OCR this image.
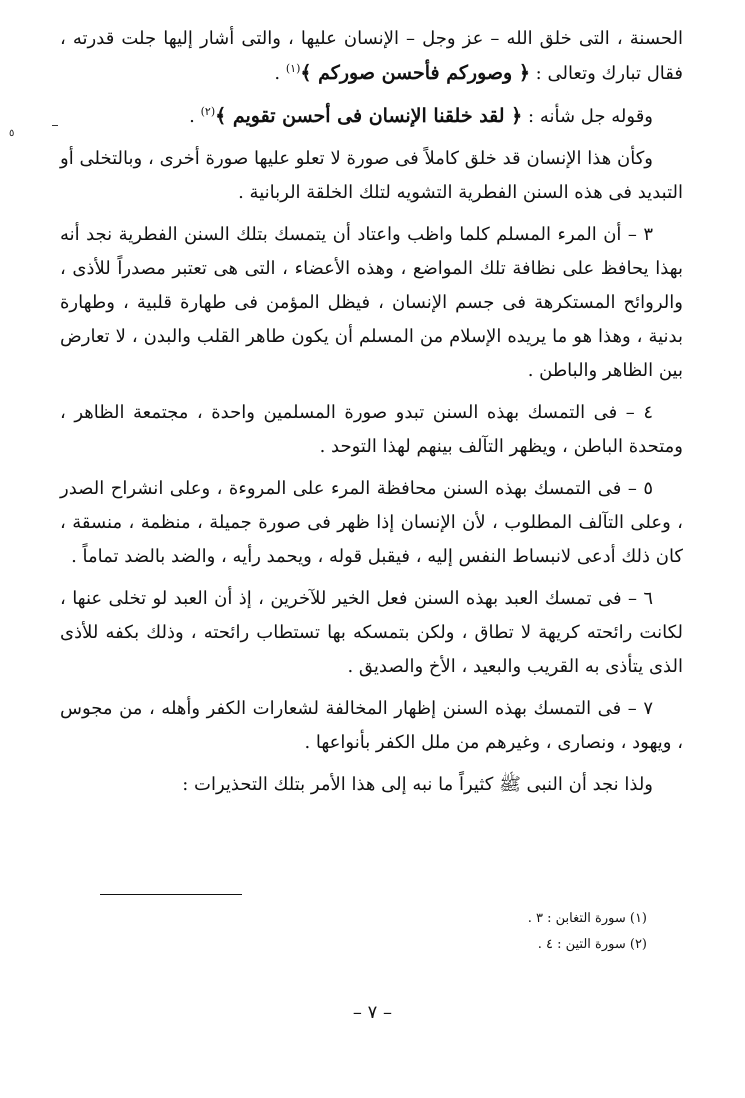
الحسنة ، التى خلق الله – عز وجل – الإنسان عليها ، والتى أشار إليها جلت قدرته ، فقال تبارك وتعالى : ﴿ وصوركم فأحسن صوركم ﴾$^{(١)}$ .

وقوله جل شأنه : ﴿ لقد خلقنا الإنسان فى أحسن تقويم ﴾$^{(٢)}$ .

وكأن هذا الإنسان قد خلق كاملاً فى صورة لا تعلو عليها صورة أخرى ، وبالتخلى أو التبديد فى هذه السنن الفطرية التشويه لتلك الخلقة الربانية .

٣ – أن المرء المسلم كلما واظب واعتاد أن يتمسك بتلك السنن الفطرية نجد أنه بهذا يحافظ على نظافة تلك المواضع ، وهذه الأعضاء ، التى هى تعتبر مصدراً للأذى ، والروائح المستكرهة فى جسم الإنسان ، فيظل المؤمن فى طهارة قلبية ، وطهارة بدنية ، وهذا هو ما يريده الإسلام من المسلم أن يكون طاهر القلب والبدن ، لا تعارض بين الظاهر والباطن .

٤ – فى التمسك بهذه السنن تبدو صورة المسلمين واحدة ، مجتمعة الظاهر ، ومتحدة الباطن ، ويظهر التآلف بينهم لهذا التوحد .

٥ – فى التمسك بهذه السنن محافظة المرء على المروءة ، وعلى انشراح الصدر ، وعلى التآلف المطلوب ، لأن الإنسان إذا ظهر فى صورة جميلة ، منظمة ، منسقة ، كان ذلك أدعى لانبساط النفس إليه ، فيقبل قوله ، ويحمد رأيه ، والضد بالضد تماماً .

٦ – فى تمسك العبد بهذه السنن فعل الخير للآخرين ، إذ أن العبد لو تخلى عنها ، لكانت رائحته كريهة لا تطاق ، ولكن بتمسكه بها تستطاب رائحته ، وذلك بكفه للأذى الذى يتأذى به القريب والبعيد ، الأخ والصديق .

٧ – فى التمسك بهذه السنن إظهار المخالفة لشعارات الكفر وأهله ، من مجوس ، ويهود ، ونصارى ، وغيرهم من ملل الكفر بأنواعها .

ولذا نجد أن النبى ﷺ كثيراً ما نبه إلى هذا الأمر بتلك التحذيرات :

٥

(١) سورة التغابن : ٣ .

(٢) سورة التين : ٤ .

– ٧ –
